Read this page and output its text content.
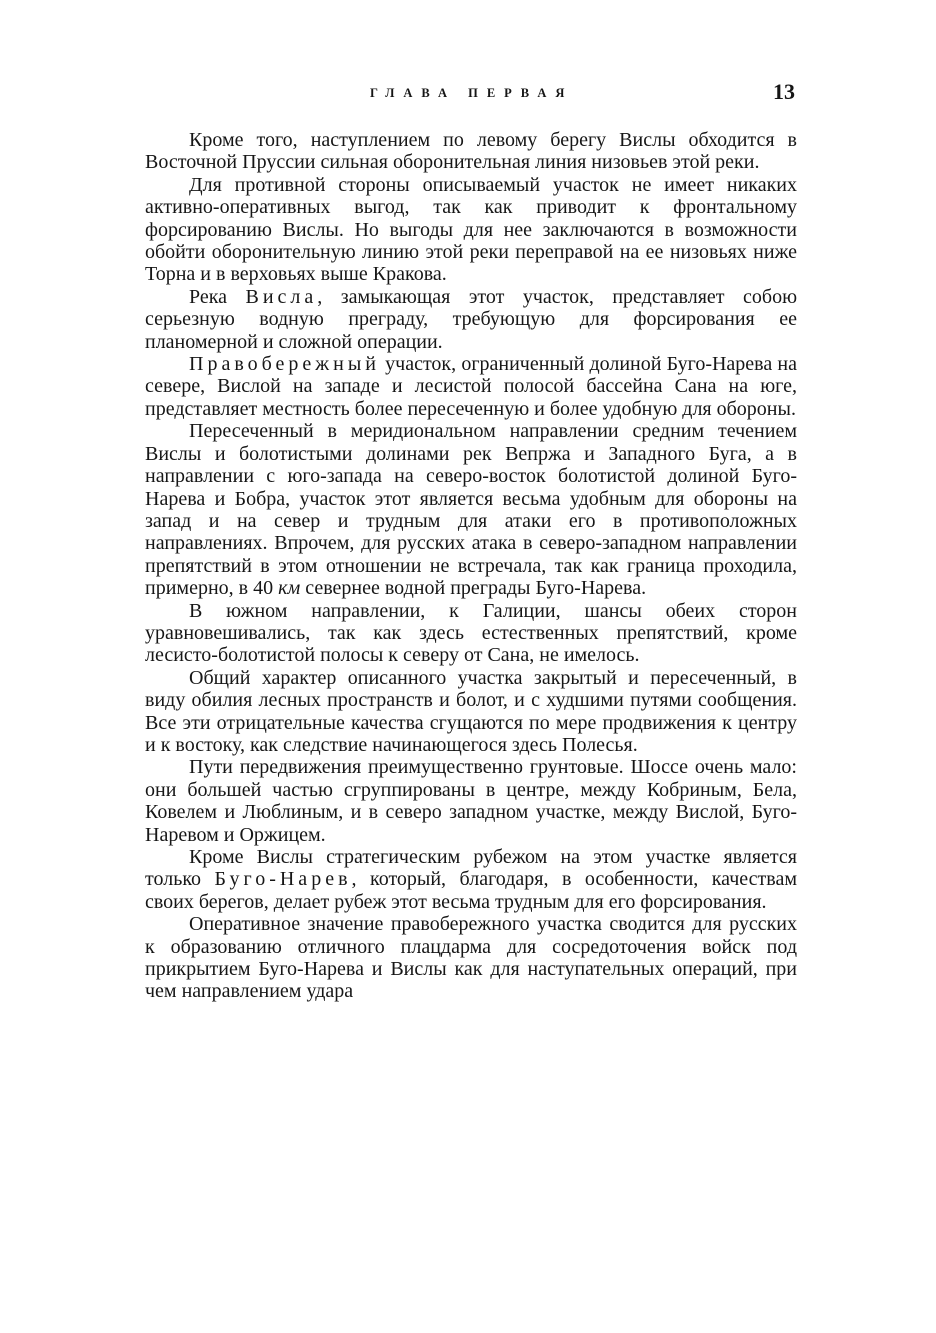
ГЛАВА ПЕРВАЯ	13

Кроме того, наступлением по левому берегу Вислы обходится в Восточной Пруссии сильная оборонительная линия низовьев этой реки.

Для противной стороны описываемый участок не имеет никаких активно-оперативных выгод, так как приводит к фронтальному форсированию Вислы. Но выгоды для нее заключаются в возможности обойти оборонительную линию этой реки переправой на ее низовьях ниже Торна и в верховьях выше Кракова.

Река Висла, замыкающая этот участок, представляет собою серьезную водную преграду, требующую для форсирования ее планомерной и сложной операции.

Правобережный участок, ограниченный долиной Буго-Нарева на севере, Вислой на западе и лесистой полосой бассейна Сана на юге, представляет местность более пересеченную и более удобную для обороны.

Пересеченный в меридиональном направлении средним течением Вислы и болотистыми долинами рек Вепржа и Западного Буга, а в направлении с юго-запада на северо-восток болотистой долиной Буго-Нарева и Бобра, участок этот является весьма удобным для обороны на запад и на север и трудным для атаки его в противоположных направлениях. Впрочем, для русских атака в северо-западном направлении препятствий в этом отношении не встречала, так как граница проходила, примерно, в 40 км севернее водной преграды Буго-Нарева.

В южном направлении, к Галиции, шансы обеих сторон уравновешивались, так как здесь естественных препятствий, кроме лесисто-болотистой полосы к северу от Сана, не имелось.

Общий характер описанного участка закрытый и пересеченный, в виду обилия лесных пространств и болот, и с худшими путями сообщения. Все эти отрицательные качества сгущаются по мере продвижения к центру и к востоку, как следствие начинающегося здесь Полесья.

Пути передвижения преимущественно грунтовые. Шоссе очень мало: они большей частью сгруппированы в центре, между Кобриным, Бела, Ковелем и Люблиным, и в северо западном участке, между Вислой, Буго-Наревом и Оржицем.

Кроме Вислы стратегическим рубежом на этом участке является только Буго-Нарев, который, благодаря, в особенности, качествам своих берегов, делает рубеж этот весьма трудным для его форсирования.

Оперативное значение правобережного участка сводится для русских к образованию отличного плацдарма для сосредоточения войск под прикрытием Буго-Нарева и Вислы как для наступательных операций, при чем направлением удара
